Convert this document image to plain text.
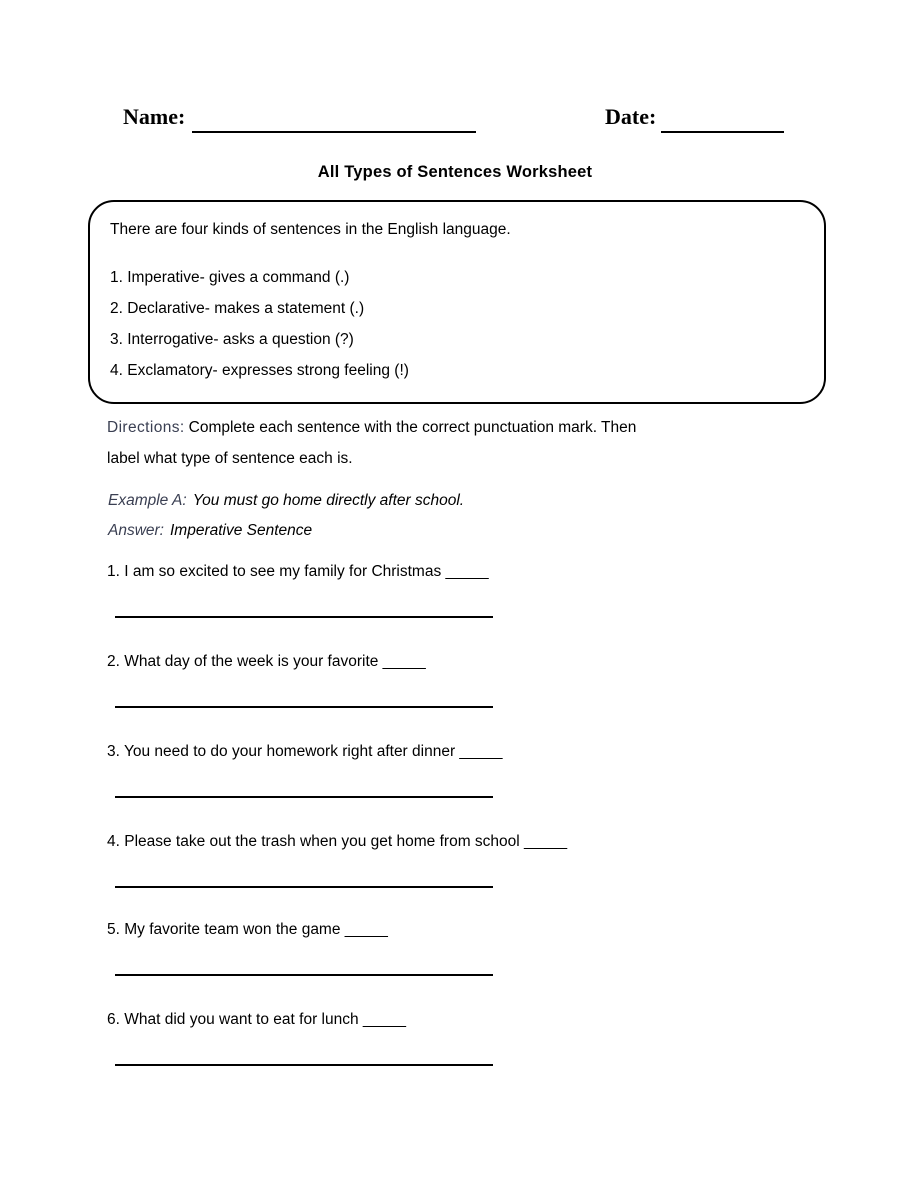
Name:	Date:
All Types of Sentences Worksheet
There are four kinds of sentences in the English language.
1. Imperative- gives a command (.)
2. Declarative- makes a statement (.)
3. Interrogative- asks a question (?)
4. Exclamatory- expresses strong feeling (!)
Directions: Complete each sentence with the correct punctuation mark. Then
label what type of sentence each is.
Example A: You must go home directly after school.
Answer: Imperative Sentence
1. I am so excited to see my family for Christmas _____
2. What day of the week is your favorite _____
3. You need to do your homework right after dinner _____
4. Please take out the trash when you get home from school _____
5. My favorite team won the game _____
6. What did you want to eat for lunch _____
